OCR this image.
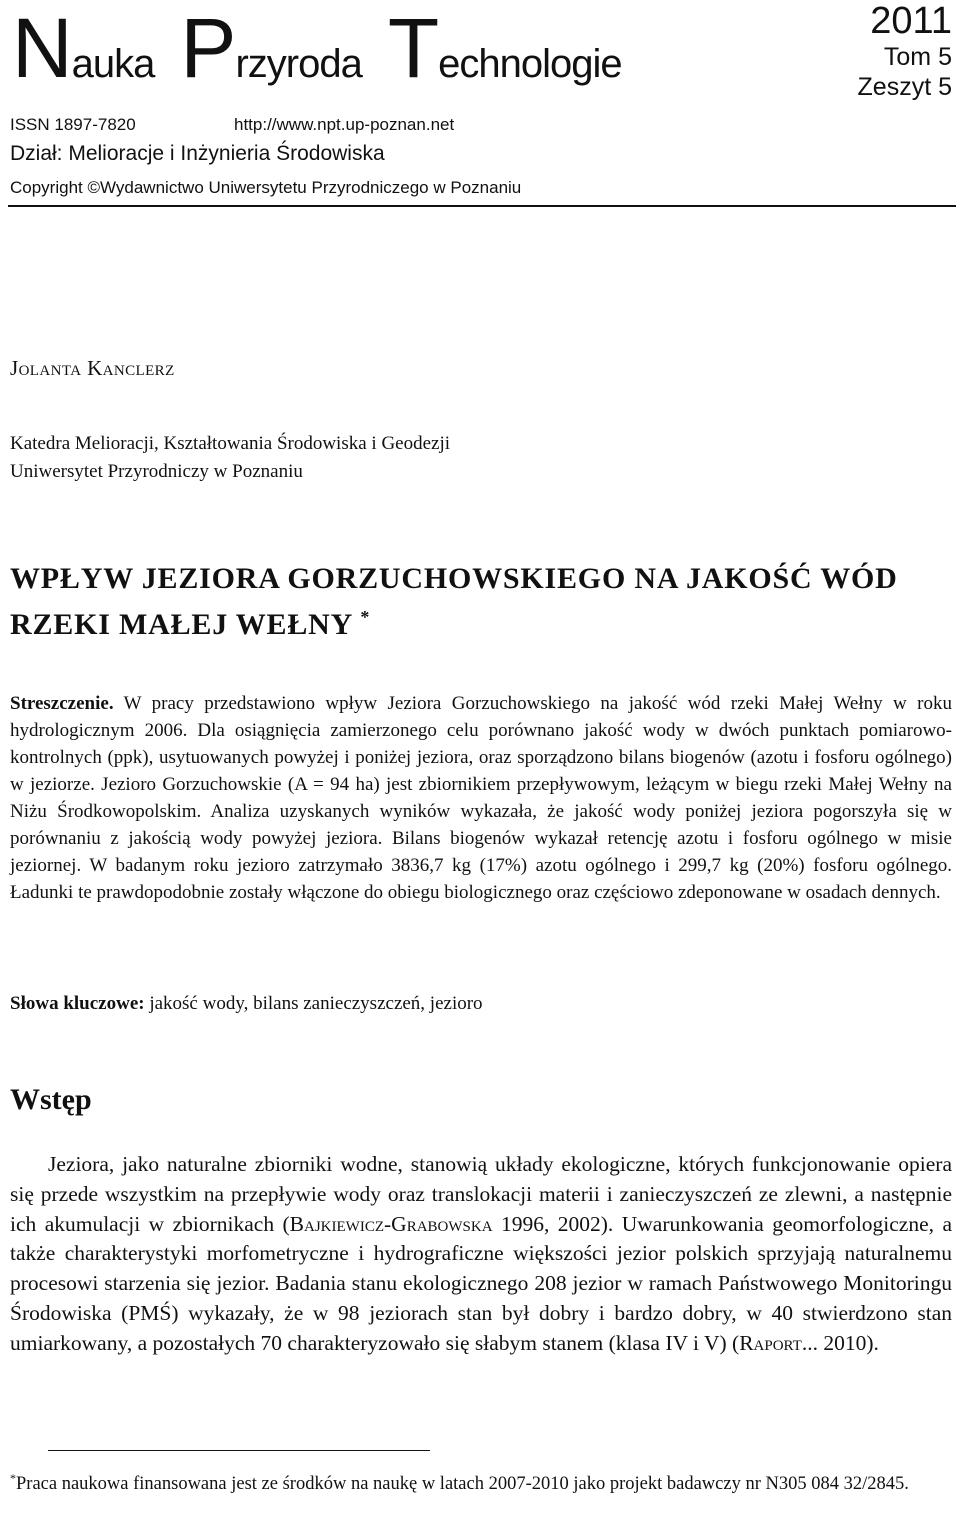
Nauka Przyroda Technologie
2011
Tom 5
Zeszyt 5
ISSN 1897-7820	http://www.npt.up-poznan.net
Dział: Melioracje i Inżynieria Środowiska
Copyright ©Wydawnictwo Uniwersytetu Przyrodniczego w Poznaniu
Jolanta Kanclerz
Katedra Melioracji, Kształtowania Środowiska i Geodezji
Uniwersytet Przyrodniczy w Poznaniu
WPŁYW JEZIORA GORZUCHOWSKIEGO NA JAKOŚĆ WÓD
RZEKI MAŁEJ WEŁNY *
Streszczenie. W pracy przedstawiono wpływ Jeziora Gorzuchowskiego na jakość wód rzeki Małej Wełny w roku hydrologicznym 2006. Dla osiągnięcia zamierzonego celu porównano jakość wody w dwóch punktach pomiarowo-kontrolnych (ppk), usytuowanych powyżej i poniżej jeziora, oraz sporządzono bilans biogenów (azotu i fosforu ogólnego) w jeziorze. Jezioro Gorzuchowskie (A = 94 ha) jest zbiornikiem przepływowym, leżącym w biegu rzeki Małej Wełny na Niżu Środkowopolskim. Analiza uzyskanych wyników wykazała, że jakość wody poniżej jeziora pogorszyła się w porównaniu z jakością wody powyżej jeziora. Bilans biogenów wykazał retencję azotu i fosforu ogólnego w misie jeziornej. W badanym roku jezioro zatrzymało 3836,7 kg (17%) azotu ogólnego i 299,7 kg (20%) fosforu ogólnego. Ładunki te prawdopodobnie zostały włączone do obiegu biologicznego oraz częściowo zdeponowane w osadach dennych.
Słowa kluczowe: jakość wody, bilans zanieczyszczeń, jezioro
Wstęp
Jeziora, jako naturalne zbiorniki wodne, stanowią układy ekologiczne, których funkcjonowanie opiera się przede wszystkim na przepływie wody oraz translokacji materii i zanieczyszczeń ze zlewni, a następnie ich akumulacji w zbiornikach (Bajkiewicz-Grabowska 1996, 2002). Uwarunkowania geomorfologiczne, a także charakterystyki morfometryczne i hydrograficzne większości jezior polskich sprzyjają naturalnemu procesowi starzenia się jezior. Badania stanu ekologicznego 208 jezior w ramach Państwowego Monitoringu Środowiska (PMŚ) wykazały, że w 98 jeziorach stan był dobry i bardzo dobry, w 40 stwierdzono stan umiarkowany, a pozostałych 70 charakteryzowało się słabym stanem (klasa IV i V) (Raport... 2010).
*Praca naukowa finansowana jest ze środków na naukę w latach 2007-2010 jako projekt badawczy nr N305 084 32/2845.
